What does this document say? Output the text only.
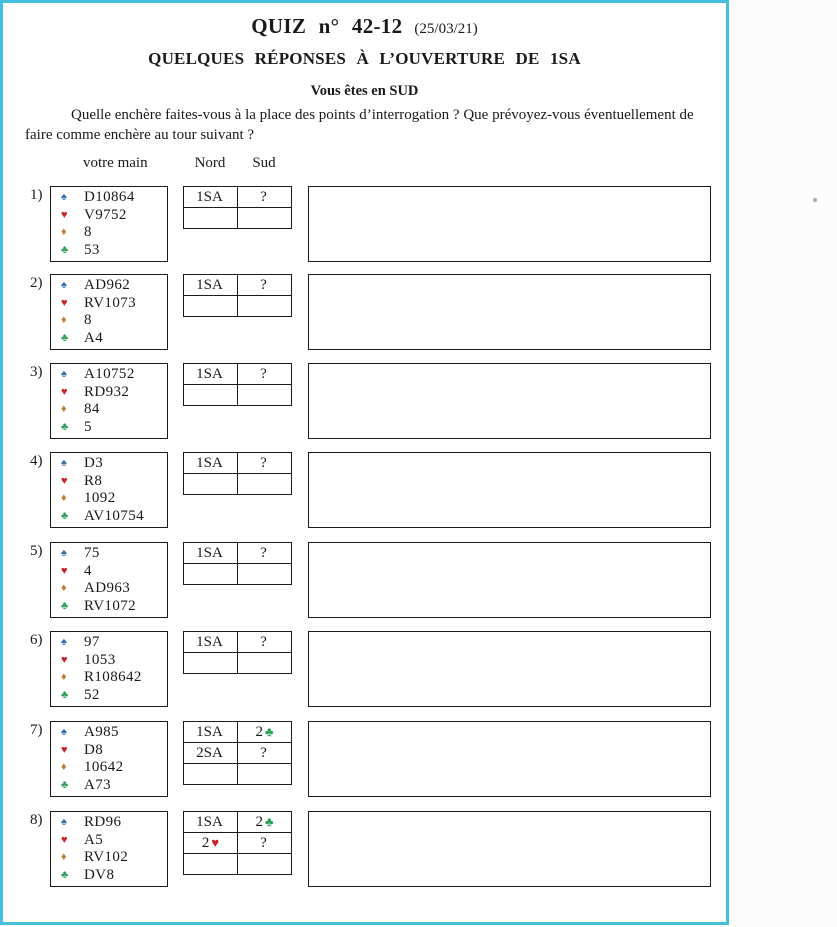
QUIZ n° 42-12 (25/03/21)
QUELQUES RÉPONSES À L’OUVERTURE DE 1SA
Vous êtes en SUD

Quelle enchère faites-vous à la place des points d’interrogation ? Que prévoyez-vous éventuellement de faire comme enchère au tour suivant ?

votre main	Nord	Sud
1) ♠	D10864
♥	V9752
♦	8
♣	53
1SA	?

2) ♠	AD962
♥	RV1073
♦	8
♣	A4
1SA	?

3) ♠	A10752
♥	RD932
♦	84
♣	5
1SA	?

4) ♠	D3
♥	R8
♦	1092
♣	AV10754
1SA	?

5) ♠	75
♥	4
♦	AD963
♣	RV1072
1SA	?

6) ♠	97
♥	1053
♦	R108642
♣	52
1SA	?

7) ♠	A985
♥	D8
♦	10642
♣	A73
1SA	2 ♣
2SA	?

8) ♠	RD96
♥	A5
♦	RV102
♣	DV8
1SA	2 ♣
2 ♥	?
